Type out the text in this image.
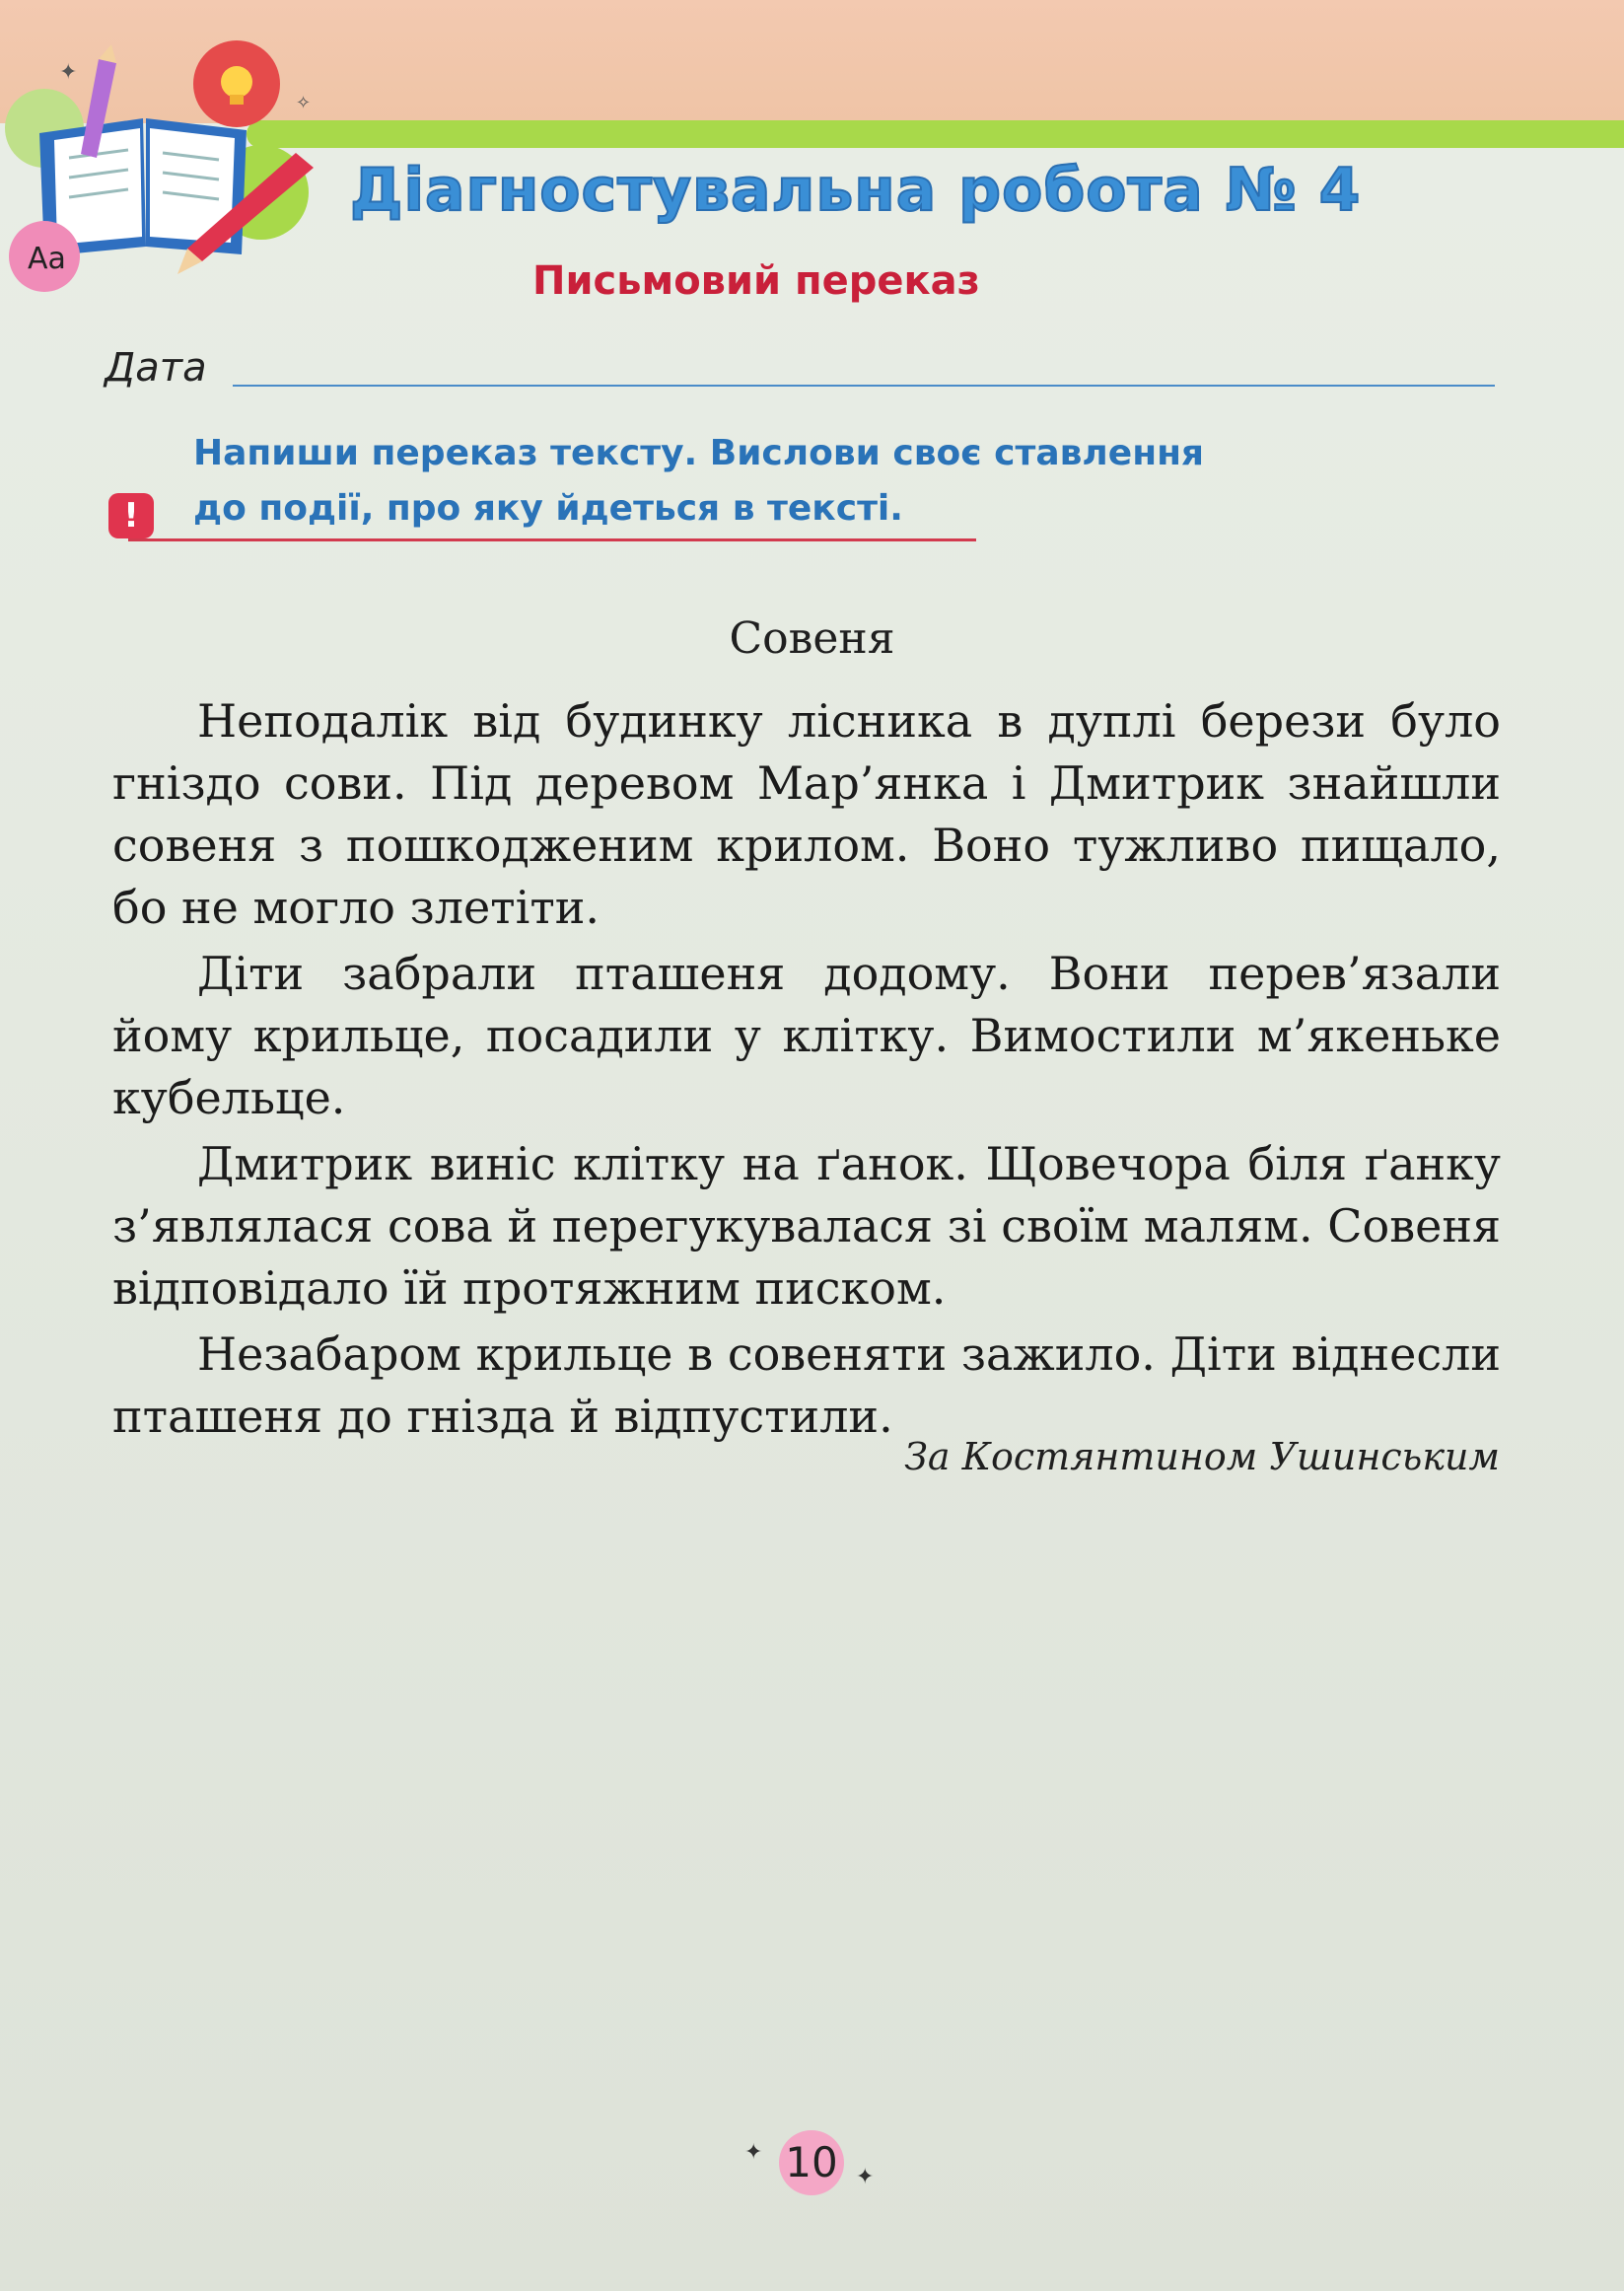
Aa
✦
✧
Діагностувальна робота № 4
Письмовий переказ
Дата
!

Напиши переказ тексту. Вислови своє ставлення
до події, про яку йдеться в тексті.

Совеня

Неподалік від будинку лісника в дуплі берези було гніздо сови. Під деревом Мар’янка і Дмитрик знайшли совеня з пошкодженим крилом. Воно тужливо пищало, бо не могло злетіти.

Діти забрали пташеня додому. Вони перев’язали йому крильце, посадили у клітку. Вимостили м’якеньке кубельце.

Дмитрик виніс клітку на ґанок. Щовечора біля ґанку з’являлася сова й перегукувалася зі своїм малям. Совеня відповідало їй протяжним писком.

Незабаром крильце в совеняти зажило. Діти віднесли пташеня до гнізда й відпустили.

За Костянтином Ушинським

✦
✦
10
